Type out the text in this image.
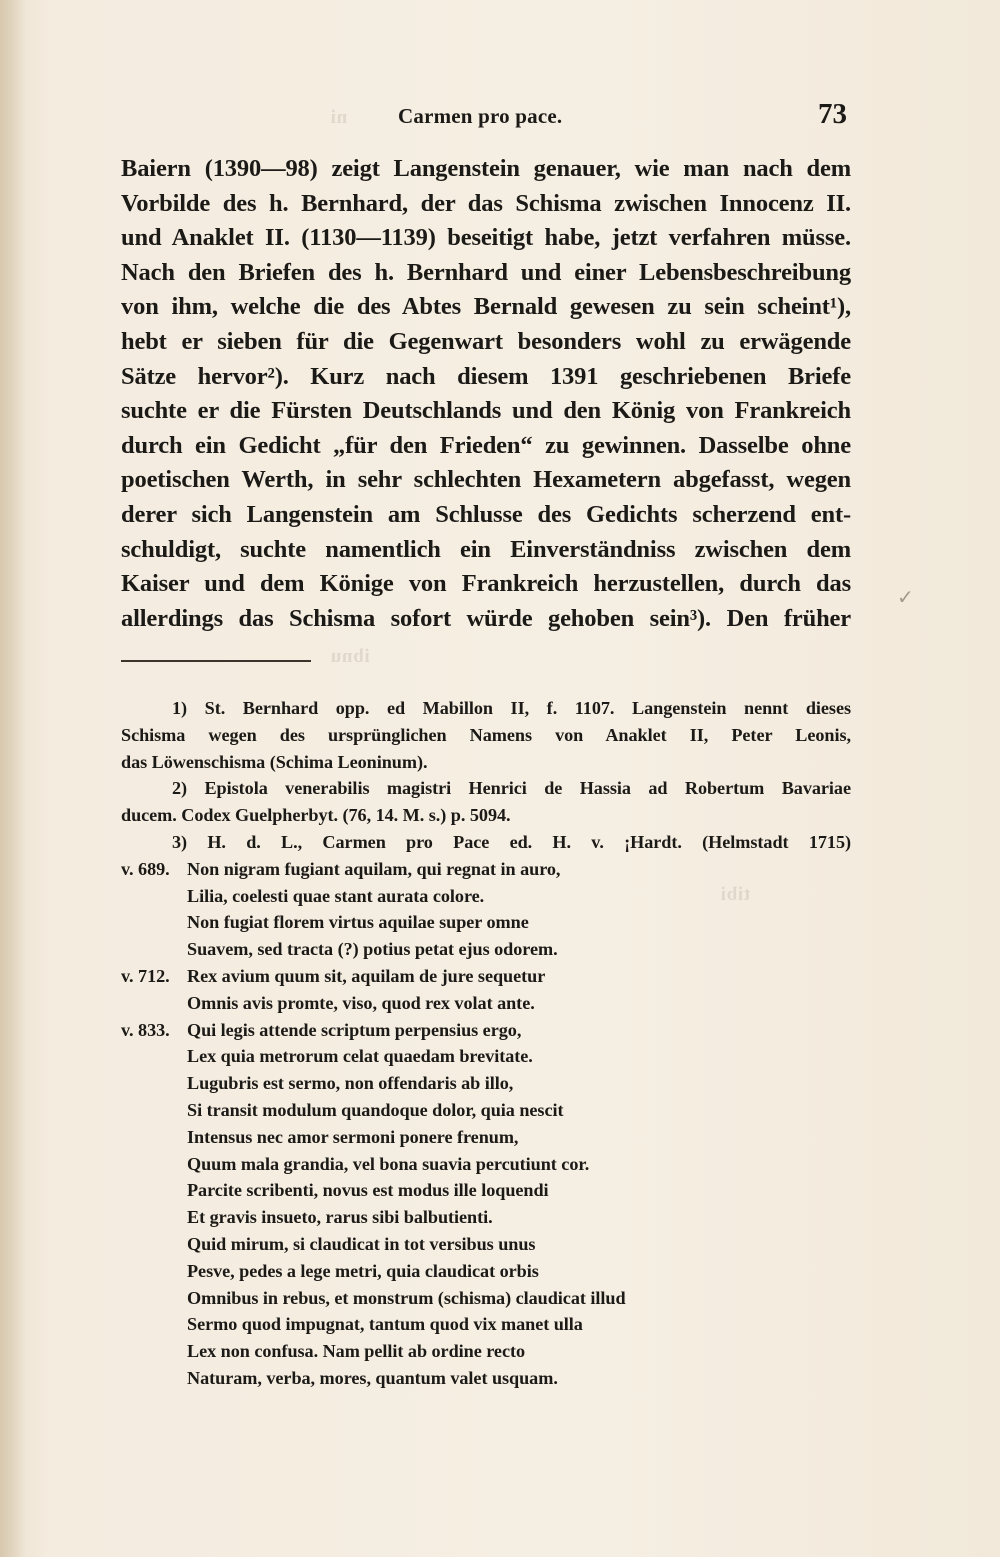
ni
ibnu
tibi
Carmen pro pace.	73
Baiern (1390—98) zeigt Langenstein genauer, wie man nach dem
Vorbilde des h. Bernhard, der das Schisma zwischen Innocenz II.
und Anaklet II. (1130—1139) beseitigt habe, jetzt verfahren müsse.
Nach den Briefen des h. Bernhard und einer Lebensbeschreibung
von ihm, welche die des Abtes Bernald gewesen zu sein scheint¹),
hebt er sieben für die Gegenwart besonders wohl zu erwägende
Sätze hervor²). Kurz nach diesem 1391 geschriebenen Briefe
suchte er die Fürsten Deutschlands und den König von Frankreich
durch ein Gedicht „für den Frieden“ zu gewinnen. Dasselbe ohne
poetischen Werth, in sehr schlechten Hexametern abgefasst, wegen
derer sich Langenstein am Schlusse des Gedichts scherzend ent-
schuldigt, suchte namentlich ein Einverständniss zwischen dem
Kaiser und dem Könige von Frankreich herzustellen, durch das
allerdings das Schisma sofort würde gehoben sein³). Den früher
✓
1) St. Bernhard opp. ed Mabillon II, f. 1107. Langenstein nennt dieses
Schisma wegen des ursprünglichen Namens von Anaklet II, Peter Leonis,
das Löwenschisma (Schima Leoninum).
2) Epistola venerabilis magistri Henrici de Hassia ad Robertum Bavariae
ducem. Codex Guelpherbyt. (76, 14. M. s.) p. 5094.
3) H. d. L., Carmen pro Pace ed. H. v. ¡Hardt. (Helmstadt 1715)
v. 689. Non nigram fugiant aquilam, qui regnat in auro,
Lilia, coelesti quae stant aurata colore.
Non fugiat florem virtus aquilae super omne
Suavem, sed tracta (?) potius petat ejus odorem.
v. 712. Rex avium quum sit, aquilam de jure sequetur
Omnis avis promte, viso, quod rex volat ante.
v. 833. Qui legis attende scriptum perpensius ergo,
Lex quia metrorum celat quaedam brevitate.
Lugubris est sermo, non offendaris ab illo,
Si transit modulum quandoque dolor, quia nescit
Intensus nec amor sermoni ponere frenum,
Quum mala grandia, vel bona suavia percutiunt cor.
Parcite scribenti, novus est modus ille loquendi
Et gravis insueto, rarus sibi balbutienti.
Quid mirum, si claudicat in tot versibus unus
Pesve, pedes a lege metri, quia claudicat orbis
Omnibus in rebus, et monstrum (schisma) claudicat illud
Sermo quod impugnat, tantum quod vix manet ulla
Lex non confusa. Nam pellit ab ordine recto
Naturam, verba, mores, quantum valet usquam.
